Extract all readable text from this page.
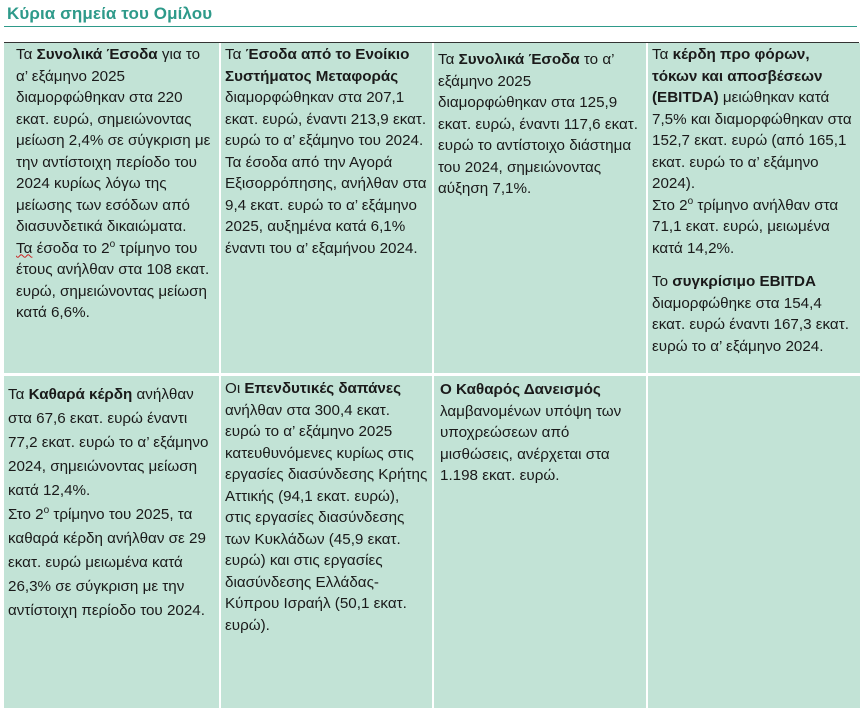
Κύρια σημεία του Ομίλου

Τα Συνολικά Έσοδα για το α’ εξάμηνο 2025 διαμορφώθηκαν στα 220 εκατ. ευρώ, σημειώνοντας μείωση 2,4% σε σύγκριση με την αντίστοιχη περίοδο του 2024 κυρίως λόγω της μείωσης των εσόδων από διασυνδετικά δικαιώματα.

Τα έσοδα το $2^o$ τρίμηνο του έτους ανήλθαν στα 108 εκατ. ευρώ, σημειώνοντας μείωση κατά 6,6%.

Τα Έσοδα από το Ενοίκιο Συστήματος Μεταφοράς διαμορφώθηκαν στα 207,1 εκατ. ευρώ, έναντι 213,9 εκατ. ευρώ το α’ εξάμηνο του 2024.

Τα έσοδα από την Αγορά Εξισορρόπησης, ανήλθαν στα 9,4 εκατ. ευρώ το α’ εξάμηνο 2025, αυξημένα κατά 6,1% έναντι του α’ εξαμήνου 2024.

Τα Συνολικά Έσοδα το α’ εξάμηνο 2025 διαμορφώθηκαν στα 125,9 εκατ. ευρώ, έναντι 117,6 εκατ. ευρώ το αντίστοιχο διάστημα του 2024, σημειώνοντας αύξηση 7,1%.

Τα κέρδη προ φόρων, τόκων και αποσβέσεων (EBITDA) μειώθηκαν κατά 7,5% και διαμορφώθηκαν στα 152,7 εκατ. ευρώ (από 165,1 εκατ. ευρώ το α’ εξάμηνο 2024).

Στο $2^o$ τρίμηνο ανήλθαν στα 71,1 εκατ. ευρώ, μειωμένα κατά 14,2%.

Το συγκρίσιμο EBITDA διαμορφώθηκε στα 154,4 εκατ. ευρώ έναντι 167,3 εκατ. ευρώ το α’ εξάμηνο 2024.

Τα Καθαρά κέρδη ανήλθαν στα 67,6 εκατ. ευρώ έναντι 77,2 εκατ. ευρώ το α’ εξάμηνο 2024, σημειώνοντας μείωση κατά 12,4%.

Στο $2^o$ τρίμηνο του 2025, τα καθαρά κέρδη ανήλθαν σε 29 εκατ. ευρώ μειωμένα κατά 26,3% σε σύγκριση με την αντίστοιχη περίοδο του 2024.

Οι Επενδυτικές δαπάνες ανήλθαν στα 300,4 εκατ. ευρώ το α’ εξάμηνο 2025 κατευθυνόμενες κυρίως στις εργασίες διασύνδεσης Κρήτης Αττικής (94,1 εκατ. ευρώ), στις εργασίες διασύνδεσης των Κυκλάδων (45,9 εκατ. ευρώ) και στις εργασίες διασύνδεσης Ελλάδας- Κύπρου Ισραήλ (50,1 εκατ. ευρώ).

Ο Καθαρός Δανεισμός λαμβανομένων υπόψη των υποχρεώσεων από μισθώσεις, ανέρχεται στα 1.198 εκατ. ευρώ.
